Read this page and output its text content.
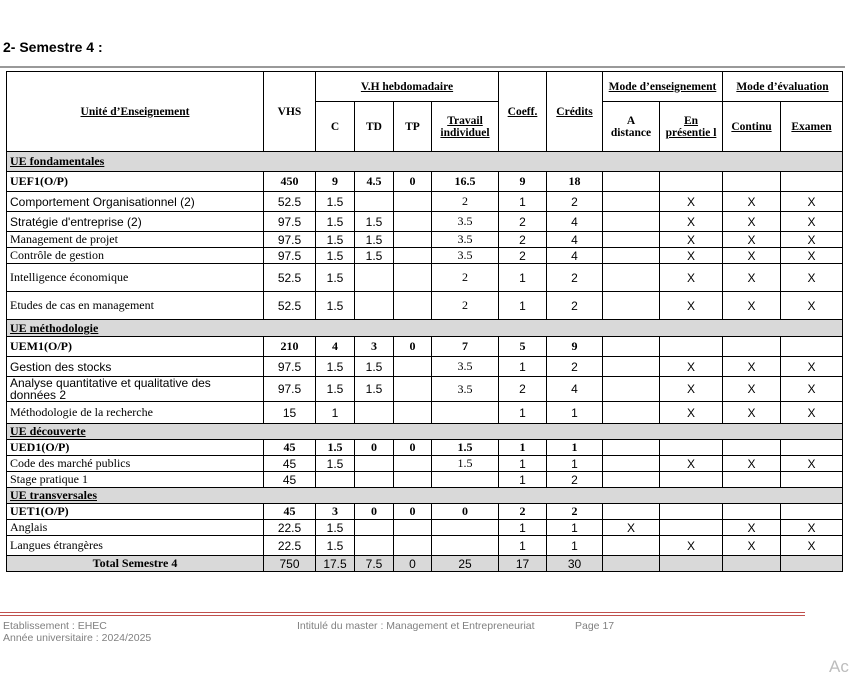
2- Semestre 4 :
Unité d’Enseignement	VHS	V.H hebdomadaire				Coeff.	Crédits	Mode d’enseignement		Mode d’évaluation	
		C	TD	TP	Travail individuel			A distance	En présentie l	Continu	Examen
UE fondamentales											
UEF1(O/P)	450	9	4.5	0	16.5	9	18				
Comportement Organisationnel (2)	52.5	1.5			2	1	2		X	X	X
Stratégie d'entreprise (2)	97.5	1.5	1.5		3.5	2	4		X	X	X
Management de projet	97.5	1.5	1.5		3.5	2	4		X	X	X
Contrôle de gestion	97.5	1.5	1.5		3.5	2	4		X	X	X
Intelligence économique	52.5	1.5			2	1	2		X	X	X
Etudes de cas en management	52.5	1.5			2	1	2		X	X	X
UE méthodologie											
UEM1(O/P)	210	4	3	0	7	5	9				
Gestion des stocks	97.5	1.5	1.5		3.5	1	2		X	X	X
Analyse quantitative et qualitative des données 2	97.5	1.5	1.5		3.5	2	4		X	X	X
Méthodologie de la recherche	15	1				1	1		X	X	X
UE découverte											
UED1(O/P)	45	1.5	0	0	1.5	1	1				
Code des marché publics	45	1.5			1.5	1	1		X	X	X
Stage pratique 1	45					1	2				
UE transversales											
UET1(O/P)	45	3	0	0	0	2	2				
Anglais	22.5	1.5				1	1	X		X	X
Langues étrangères	22.5	1.5				1	1		X	X	X
Total Semestre 4	750	17.5	7.5	0	25	17	30				
Etablissement : EHEC
Année universitaire : 2024/2025
Intitulé du master : Management et Entrepreneuriat	Page 17
Ac
